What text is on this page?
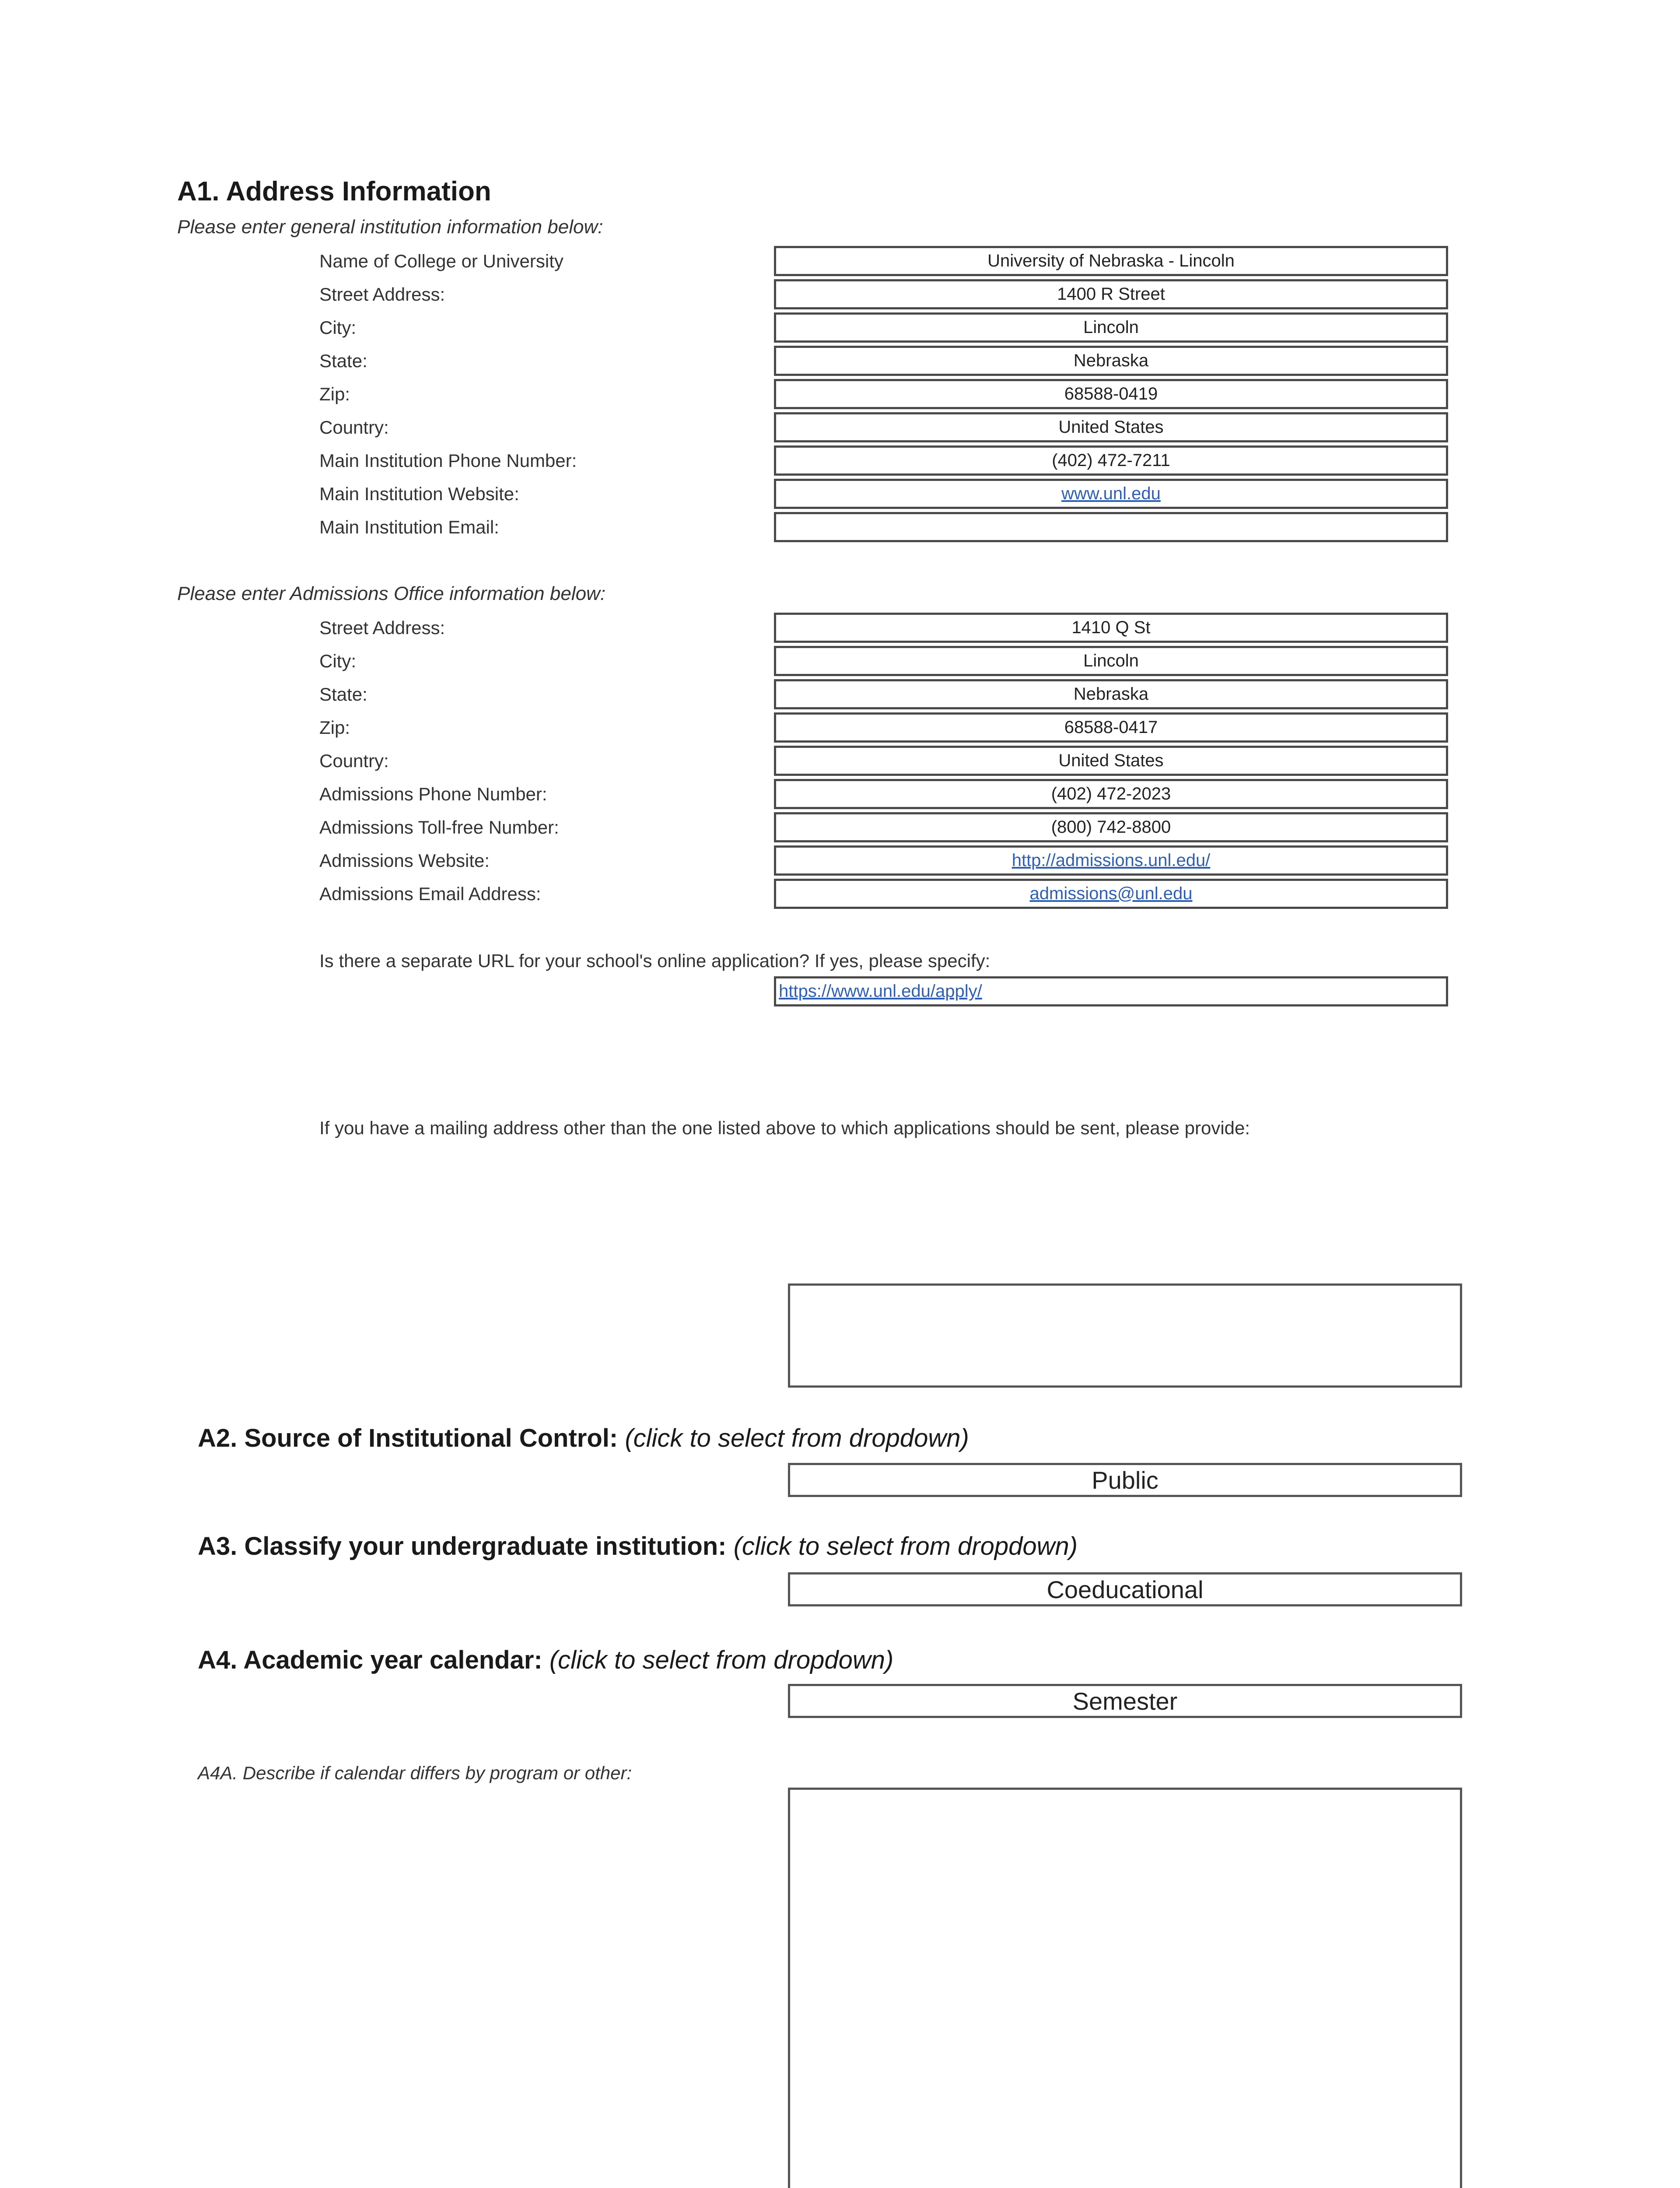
A1. Address Information
Please enter general institution information below:
Name of College or University	University of Nebraska - Lincoln
Street Address:	1400 R Street
City:	Lincoln
State:	Nebraska
Zip:	68588-0419
Country:	United States
Main Institution Phone Number:	(402) 472-7211
Main Institution Website:	www.unl.edu
Main Institution Email:
Please enter Admissions Office information below:
Street Address:	1410 Q St
City:	Lincoln
State:	Nebraska
Zip:	68588-0417
Country:	United States
Admissions Phone Number:	(402) 472-2023
Admissions Toll-free Number:	(800) 742-8800
Admissions Website:	http://admissions.unl.edu/
Admissions Email Address:	admissions@unl.edu
Is there a separate URL for your school's online application? If yes, please specify:
https://www.unl.edu/apply/
If you have a mailing address other than the one listed above to which applications should be sent, please provide:
A2. Source of Institutional Control: (click to select from dropdown)
Public
A3. Classify your undergraduate institution: (click to select from dropdown)
Coeducational
A4. Academic year calendar: (click to select from dropdown)
Semester
A4A. Describe if calendar differs by program or other:
